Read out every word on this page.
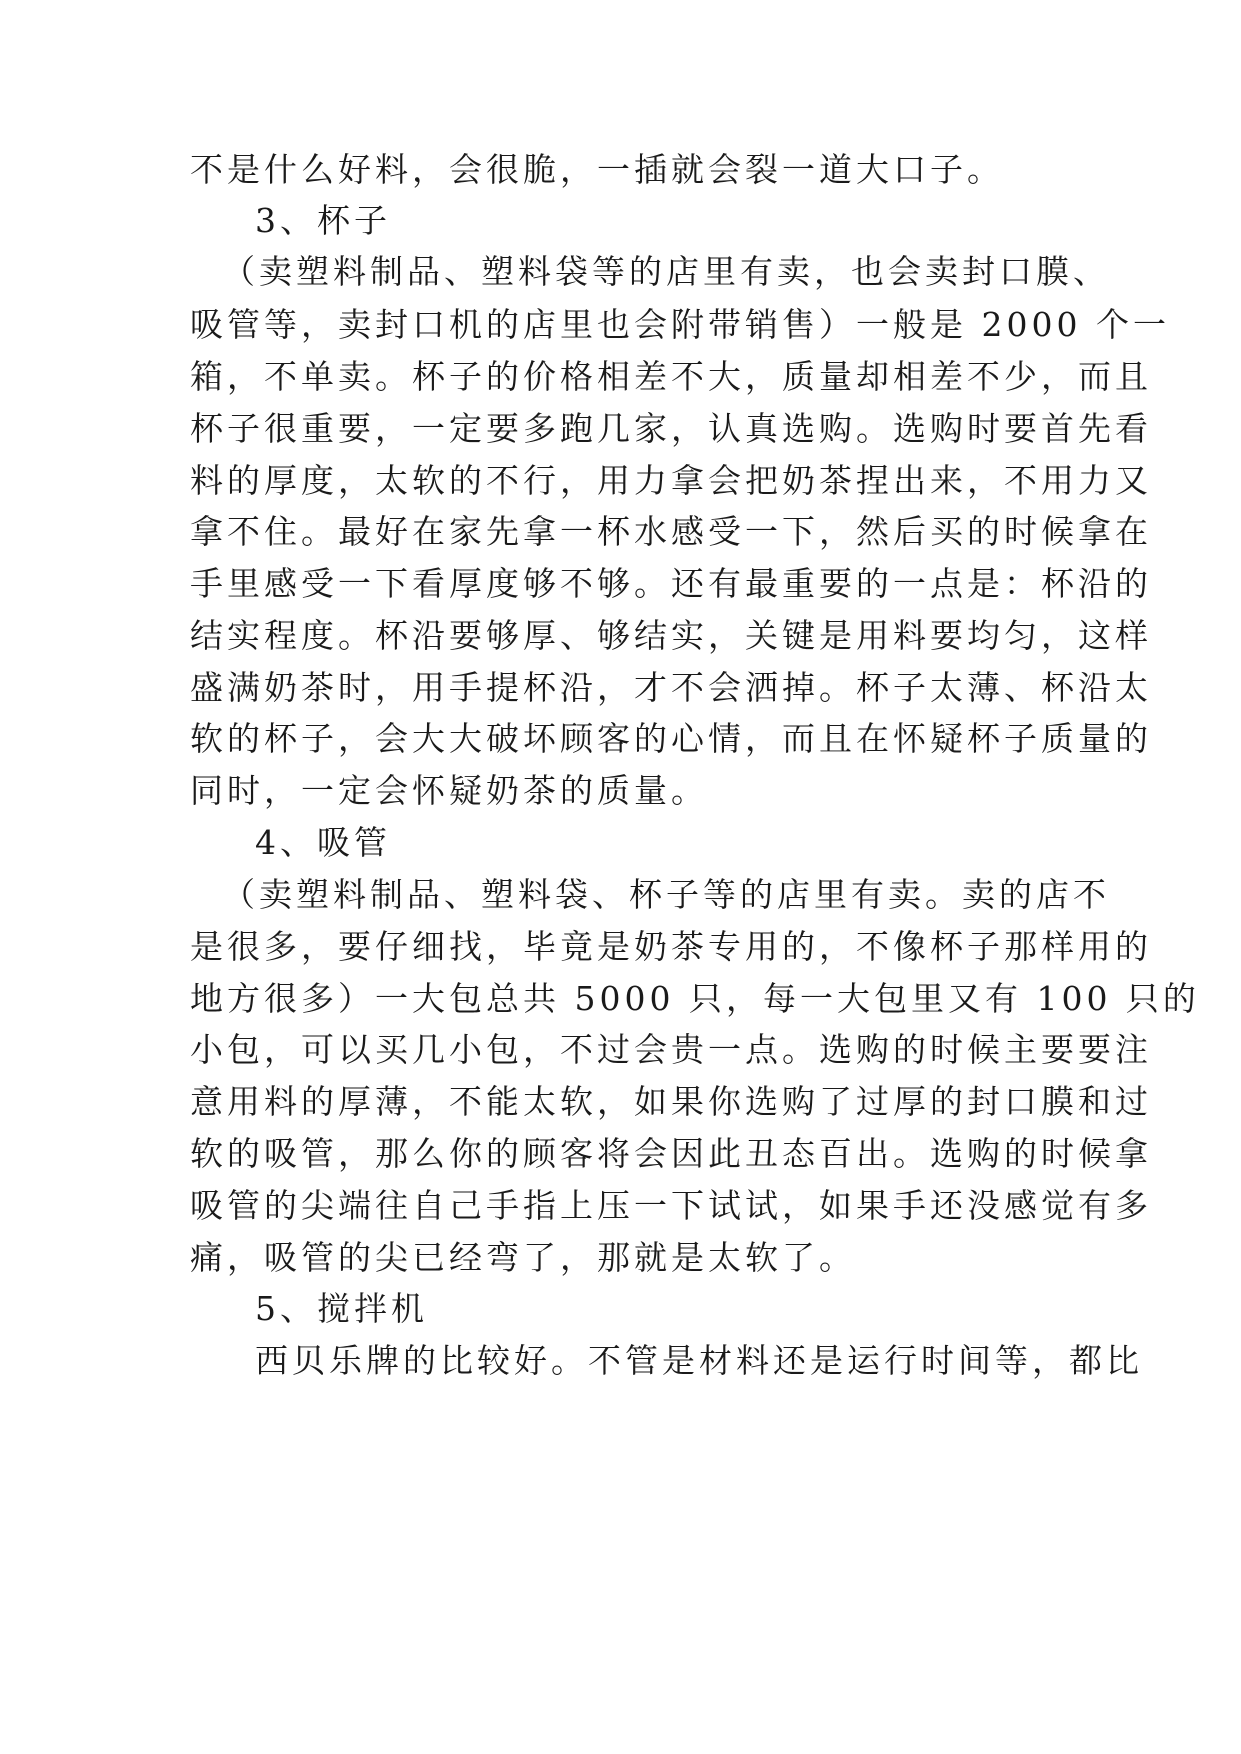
不是什么好料，会很脆，一插就会裂一道大口子。
3、杯子
（卖塑料制品、塑料袋等的店里有卖，也会卖封口膜、
吸管等，卖封口机的店里也会附带销售）一般是 2000 个一
箱，不单卖。杯子的价格相差不大，质量却相差不少，而且
杯子很重要，一定要多跑几家，认真选购。选购时要首先看
料的厚度，太软的不行，用力拿会把奶茶捏出来，不用力又
拿不住。最好在家先拿一杯水感受一下，然后买的时候拿在
手里感受一下看厚度够不够。还有最重要的一点是：杯沿的
结实程度。杯沿要够厚、够结实，关键是用料要均匀，这样
盛满奶茶时，用手提杯沿，才不会洒掉。杯子太薄、杯沿太
软的杯子，会大大破坏顾客的心情，而且在怀疑杯子质量的
同时，一定会怀疑奶茶的质量。
4、吸管
（卖塑料制品、塑料袋、杯子等的店里有卖。卖的店不
是很多，要仔细找，毕竟是奶茶专用的，不像杯子那样用的
地方很多）一大包总共 5000 只，每一大包里又有 100 只的
小包，可以买几小包，不过会贵一点。选购的时候主要要注
意用料的厚薄，不能太软，如果你选购了过厚的封口膜和过
软的吸管，那么你的顾客将会因此丑态百出。选购的时候拿
吸管的尖端往自己手指上压一下试试，如果手还没感觉有多
痛，吸管的尖已经弯了，那就是太软了。
5、搅拌机
西贝乐牌的比较好。不管是材料还是运行时间等，都比
